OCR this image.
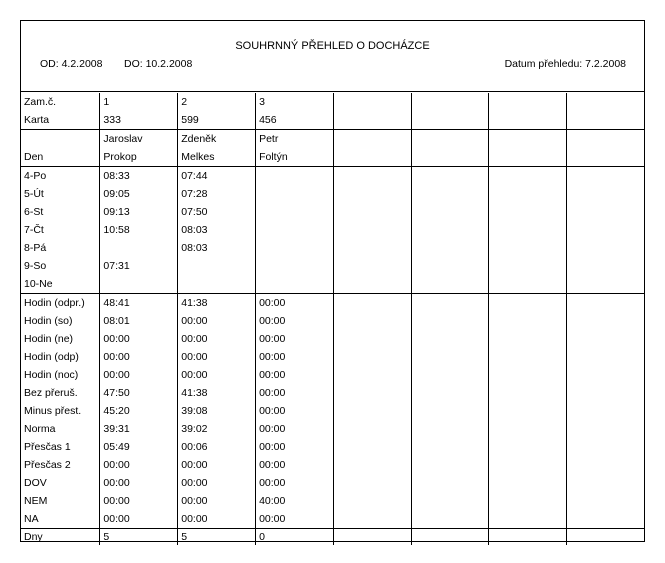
SOUHRNNÝ PŘEHLED O DOCHÁZCE
OD: 4.2.2008 DO: 10.2.2008	Datum přehledu: 7.2.2008
Zam.č.	1	2	3				
Karta	333	599	456				
	Jaroslav	Zdeněk	Petr				
Den	Prokop	Melkes	Foltýn				
4-Po	08:33	07:44					
5-Út	09:05	07:28					
6-St	09:13	07:50					
7-Čt	10:58	08:03					
8-Pá		08:03					
9-So	07:31						
10-Ne							
Hodin (odpr.)	48:41	41:38	00:00				
Hodin (so)	08:01	00:00	00:00				
Hodin (ne)	00:00	00:00	00:00				
Hodin (odp)	00:00	00:00	00:00				
Hodin (noc)	00:00	00:00	00:00				
Bez přeruš.	47:50	41:38	00:00				
Minus přest.	45:20	39:08	00:00				
Norma	39:31	39:02	00:00				
Přesčas 1	05:49	00:06	00:00				
Přesčas 2	00:00	00:00	00:00				
DOV	00:00	00:00	00:00				
NEM	00:00	00:00	40:00				
NA	00:00	00:00	00:00				
Dny	5	5	0				
